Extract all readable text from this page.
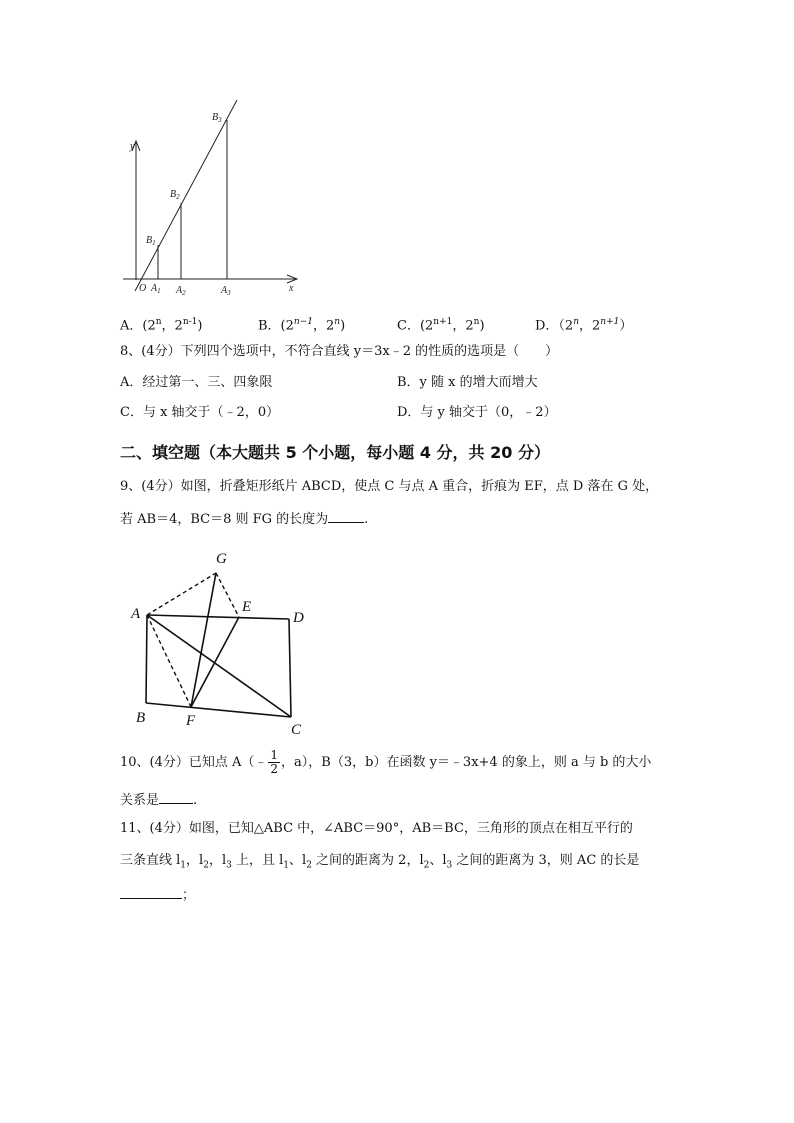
y
x
O
$B_1$
$B_2$
$B_3$
$A_1$ $A_2$	$A_3$
A．(2$^n$，2$^{n-1}$)	B．($2^{n-1}$，2$^n$)	C．($2^{n+1}$，2$^n$)	D．（2$^n$，$2^{n+1}$）
8、(4分）下列四个选项中，不符合直线 y＝3x﹣2 的性质的选项是（　　）
A．经过第一、三、四象限	B．y 随 x 的增大而增大
C．与 x 轴交于（﹣2，0）	D．与 y 轴交于（0，﹣2）
二、填空题（本大题共 5 个小题，每小题 4 分，共 20 分）
9、(4分）如图，折叠矩形纸片 ABCD，使点 C 与点 A 重合，折痕为 EF，点 D 落在 G 处，
若 AB＝4，BC＝8 则 FG 的长度为	.
G
A	E
D
B	F
C
10、(4分）已知点 A（﹣ $\frac{1}{2}$ ，a），B（3，b）在函数 y＝﹣3x+4 的象上，则 a 与 b 的大小
关系是	.
11、(4分）如图，已知△ABC 中，∠ABC＝90°，AB＝BC，三角形的顶点在相互平行的
三条直线 $l_1$，$l_2$，$l_3$ 上，且 $l_1$、$l_2$ 之间的距离为 2，$l_2$、$l_3$ 之间的距离为 3，则 AC 的长是
；
